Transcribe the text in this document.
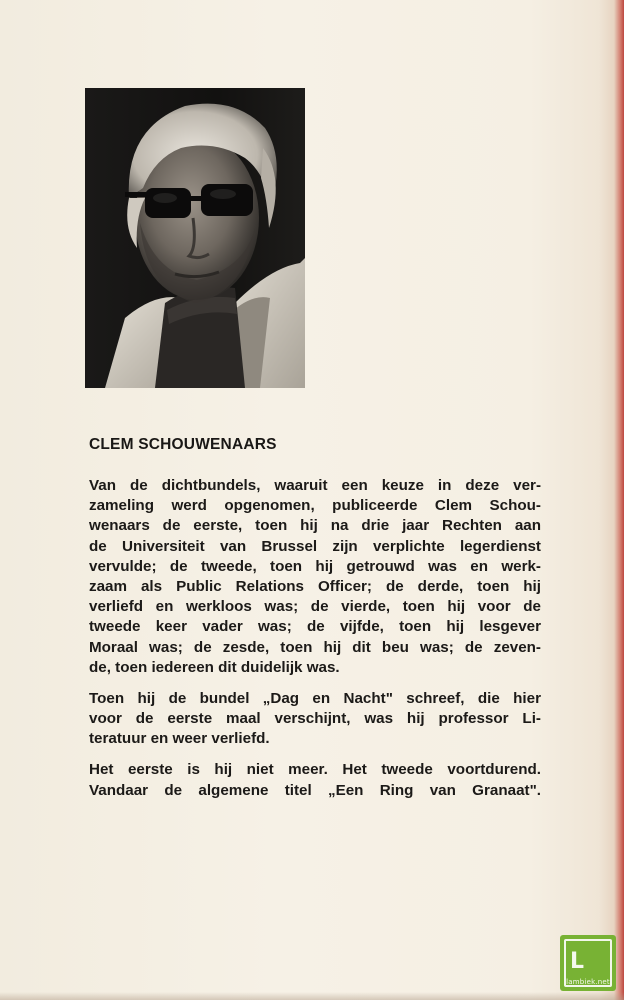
CLEM SCHOUWENAARS
Van de dichtbundels, waaruit een keuze in deze ver-
zameling werd opgenomen, publiceerde Clem Schou-
wenaars de eerste, toen hij na drie jaar Rechten aan
de Universiteit van Brussel zijn verplichte legerdienst
vervulde; de tweede, toen hij getrouwd was en werk-
zaam als Public Relations Officer; de derde, toen hij
verliefd en werkloos was; de vierde, toen hij voor de
tweede keer vader was; de vijfde, toen hij lesgever
Moraal was; de zesde, toen hij dit beu was; de zeven-
de, toen iedereen dit duidelijk was.
Toen hij de bundel „Dag en Nacht" schreef, die hier
voor de eerste maal verschijnt, was hij professor Li-
teratuur en weer verliefd.
Het eerste is hij niet meer. Het tweede voortdurend.
Vandaar de algemene titel „Een Ring van Granaat".
L
lambiek.net
